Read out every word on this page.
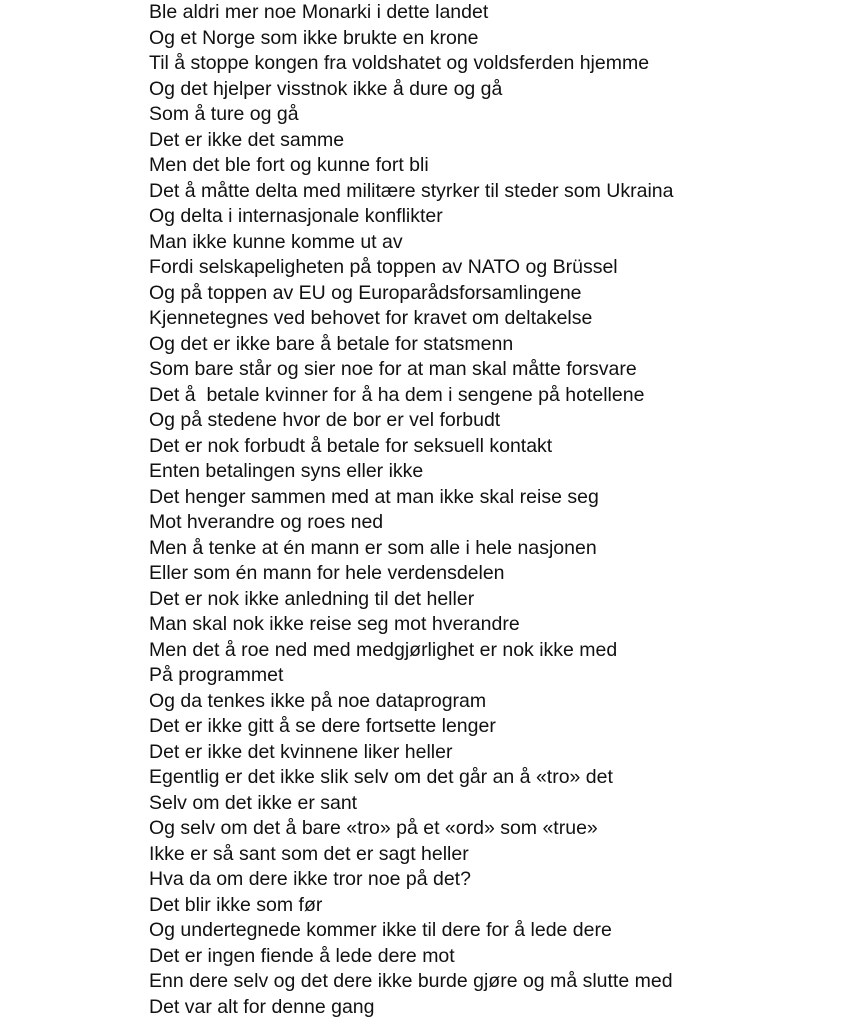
Ble aldri mer noe Monarki i dette landet
Og et Norge som ikke brukte en krone
Til å stoppe kongen fra voldshatet og voldsferden hjemme
Og det hjelper visstnok ikke å dure og gå
Som å ture og gå
Det er ikke det samme
Men det ble fort og kunne fort bli
Det å måtte delta med militære styrker til steder som Ukraina
Og delta i internasjonale konflikter
Man ikke kunne komme ut av
Fordi selskapeligheten på toppen av NATO og Brüssel
Og på toppen av EU og Europarådsforsamlingene
Kjennetegnes ved behovet for kravet om deltakelse
Og det er ikke bare å betale for statsmenn
Som bare står og sier noe for at man skal måtte forsvare
Det å  betale kvinner for å ha dem i sengene på hotellene
Og på stedene hvor de bor er vel forbudt
Det er nok forbudt å betale for seksuell kontakt
Enten betalingen syns eller ikke
Det henger sammen med at man ikke skal reise seg
Mot hverandre og roes ned
Men å tenke at én mann er som alle i hele nasjonen
Eller som én mann for hele verdensdelen
Det er nok ikke anledning til det heller
Man skal nok ikke reise seg mot hverandre
Men det å roe ned med medgjørlighet er nok ikke med
På programmet
Og da tenkes ikke på noe dataprogram
Det er ikke gitt å se dere fortsette lenger
Det er ikke det kvinnene liker heller
Egentlig er det ikke slik selv om det går an å «tro» det
Selv om det ikke er sant
Og selv om det å bare «tro» på et «ord» som «true»
Ikke er så sant som det er sagt heller
Hva da om dere ikke tror noe på det?
Det blir ikke som før
Og undertegnede kommer ikke til dere for å lede dere
Det er ingen fiende å lede dere mot
Enn dere selv og det dere ikke burde gjøre og må slutte med
Det var alt for denne gang
